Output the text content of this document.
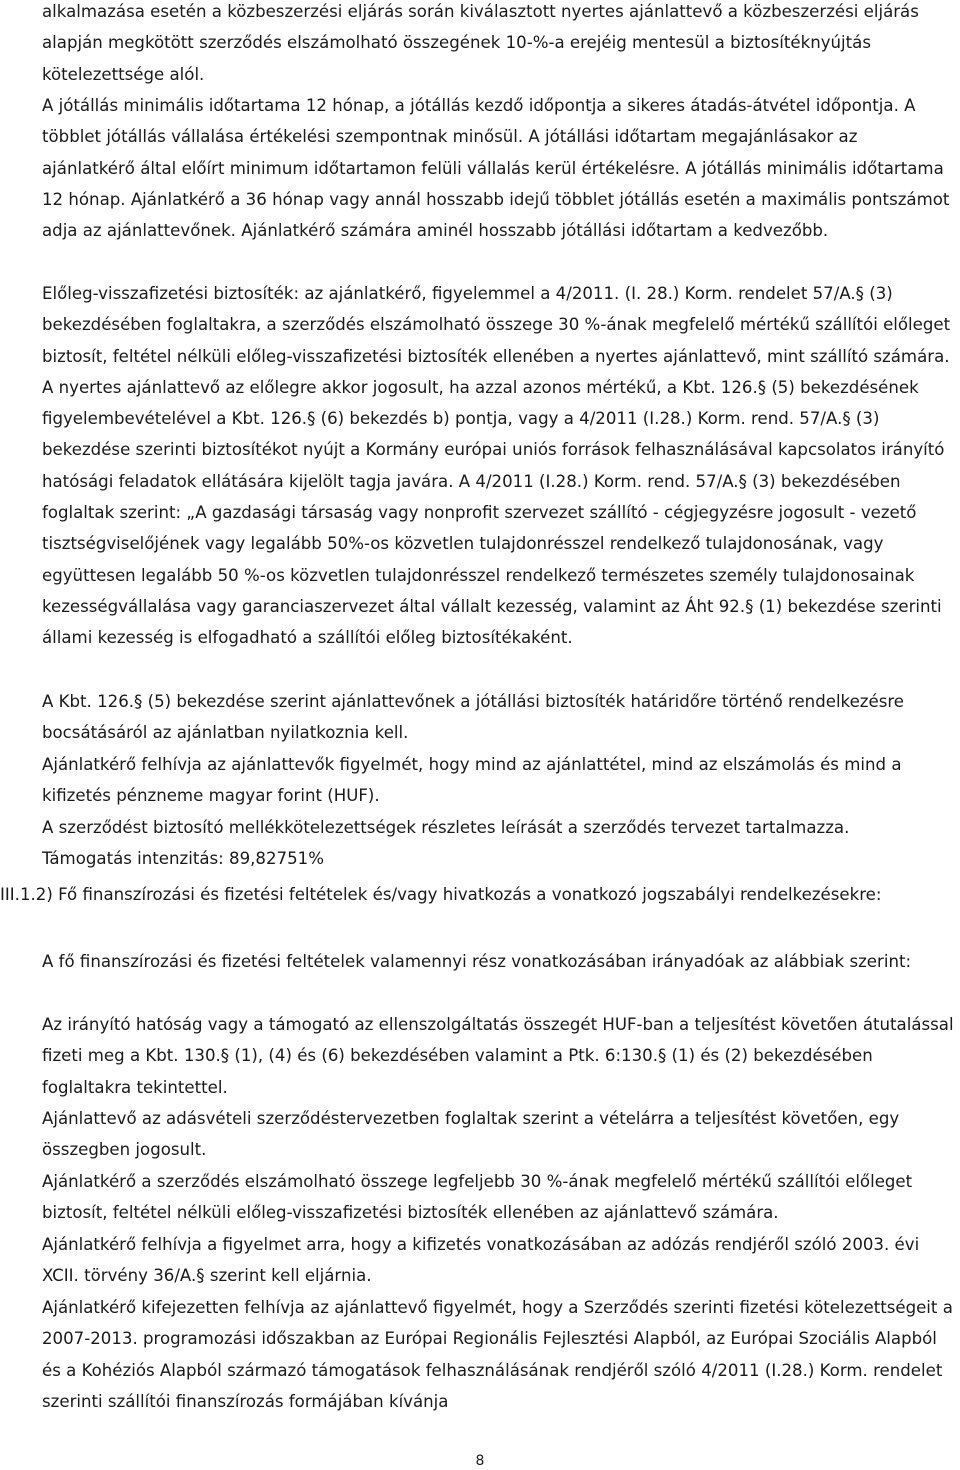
alkalmazása esetén a közbeszerzési eljárás során kiválasztott nyertes ajánlattevő a közbeszerzési eljárás alapján megkötött szerződés elszámolható összegének 10-%-a erejéig mentesül a biztosítéknyújtás kötelezettsége alól.

A jótállás minimális időtartama 12 hónap, a jótállás kezdő időpontja a sikeres átadás-átvétel időpontja. A többlet jótállás vállalása értékelési szempontnak minősül. A jótállási időtartam megajánlásakor az ajánlatkérő által előírt minimum időtartamon felüli vállalás kerül értékelésre. A jótállás minimális időtartama 12 hónap. Ajánlatkérő a 36 hónap vagy annál hosszabb idejű többlet jótállás esetén a maximális pontszámot adja az ajánlattevőnek. Ajánlatkérő számára aminél hosszabb jótállási időtartam a kedvezőbb.

Előleg-visszafizetési biztosíték: az ajánlatkérő, figyelemmel a 4/2011. (I. 28.) Korm. rendelet 57/A.§ (3) bekezdésében foglaltakra, a szerződés elszámolható összege 30 %-ának megfelelő mértékű szállítói előleget biztosít, feltétel nélküli előleg-visszafizetési biztosíték ellenében a nyertes ajánlattevő, mint szállító számára. A nyertes ajánlattevő az előlegre akkor jogosult, ha azzal azonos mértékű, a Kbt. 126.§ (5) bekezdésének figyelembevételével a Kbt. 126.§ (6) bekezdés b) pontja, vagy a 4/2011 (I.28.) Korm. rend. 57/A.§ (3) bekezdése szerinti biztosítékot nyújt a Kormány európai uniós források felhasználásával kapcsolatos irányító hatósági feladatok ellátására kijelölt tagja javára. A 4/2011 (I.28.) Korm. rend. 57/A.§ (3) bekezdésében foglaltak szerint: „A gazdasági társaság vagy nonprofit szervezet szállító - cégjegyzésre jogosult - vezető tisztségviselőjének vagy legalább 50%-os közvetlen tulajdonrésszel rendelkező tulajdonosának, vagy együttesen legalább 50 %-os közvetlen tulajdonrésszel rendelkező természetes személy tulajdonosainak kezességvállalása vagy garanciaszervezet által vállalt kezesség, valamint az Áht 92.§ (1) bekezdése szerinti állami kezesség is elfogadható a szállítói előleg biztosítékaként.

A Kbt. 126.§ (5) bekezdése szerint ajánlattevőnek a jótállási biztosíték határidőre történő rendelkezésre bocsátásáról az ajánlatban nyilatkoznia kell.

Ajánlatkérő felhívja az ajánlattevők figyelmét, hogy mind az ajánlattétel, mind az elszámolás és mind a kifizetés pénzneme magyar forint (HUF).

A szerződést biztosító mellékkötelezettségek részletes leírását a szerződés tervezet tartalmazza.

Támogatás intenzitás: 89,82751%

III.1.2) Fő finanszírozási és fizetési feltételek és/vagy hivatkozás a vonatkozó jogszabályi rendelkezésekre:

A fő finanszírozási és fizetési feltételek valamennyi rész vonatkozásában irányadóak az alábbiak szerint:

Az irányító hatóság vagy a támogató az ellenszolgáltatás összegét HUF-ban a teljesítést követően átutalással fizeti meg a Kbt. 130.§ (1), (4) és (6) bekezdésében valamint a Ptk. 6:130.§ (1) és (2) bekezdésében foglaltakra tekintettel.

Ajánlattevő az adásvételi szerződéstervezetben foglaltak szerint a vételárra a teljesítést követően, egy összegben jogosult.

Ajánlatkérő a szerződés elszámolható összege legfeljebb 30 %-ának megfelelő mértékű szállítói előleget biztosít, feltétel nélküli előleg-visszafizetési biztosíték ellenében az ajánlattevő számára.

Ajánlatkérő felhívja a figyelmet arra, hogy a kifizetés vonatkozásában az adózás rendjéről szóló 2003. évi XCII. törvény 36/A.§ szerint kell eljárnia.

Ajánlatkérő kifejezetten felhívja az ajánlattevő figyelmét, hogy a Szerződés szerinti fizetési kötelezettségeit a 2007-2013. programozási időszakban az Európai Regionális Fejlesztési Alapból, az Európai Szociális Alapból és a Kohéziós Alapból származó támogatások felhasználásának rendjéről szóló 4/2011 (I.28.) Korm. rendelet szerinti szállítói finanszírozás formájában kívánja

8
